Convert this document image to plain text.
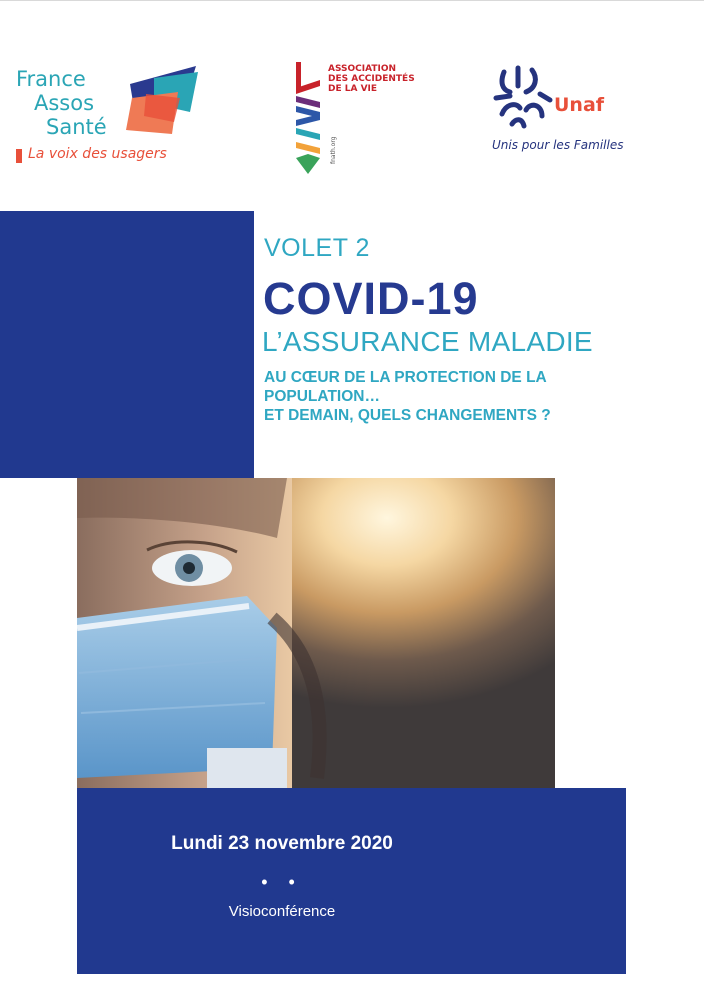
France
Assos
Santé
La voix des usagers
ASSOCIATION
DES ACCIDENTÉS
DE LA VIE
fnath.org
Unaf
Unis pour les Familles
VOLET 2
COVID-19
L’ASSURANCE MALADIE
AU CŒUR DE LA PROTECTION DE LA
POPULATION…
ET DEMAIN, QUELS CHANGEMENTS ?
Lundi 23 novembre 2020
• •
Visioconférence
